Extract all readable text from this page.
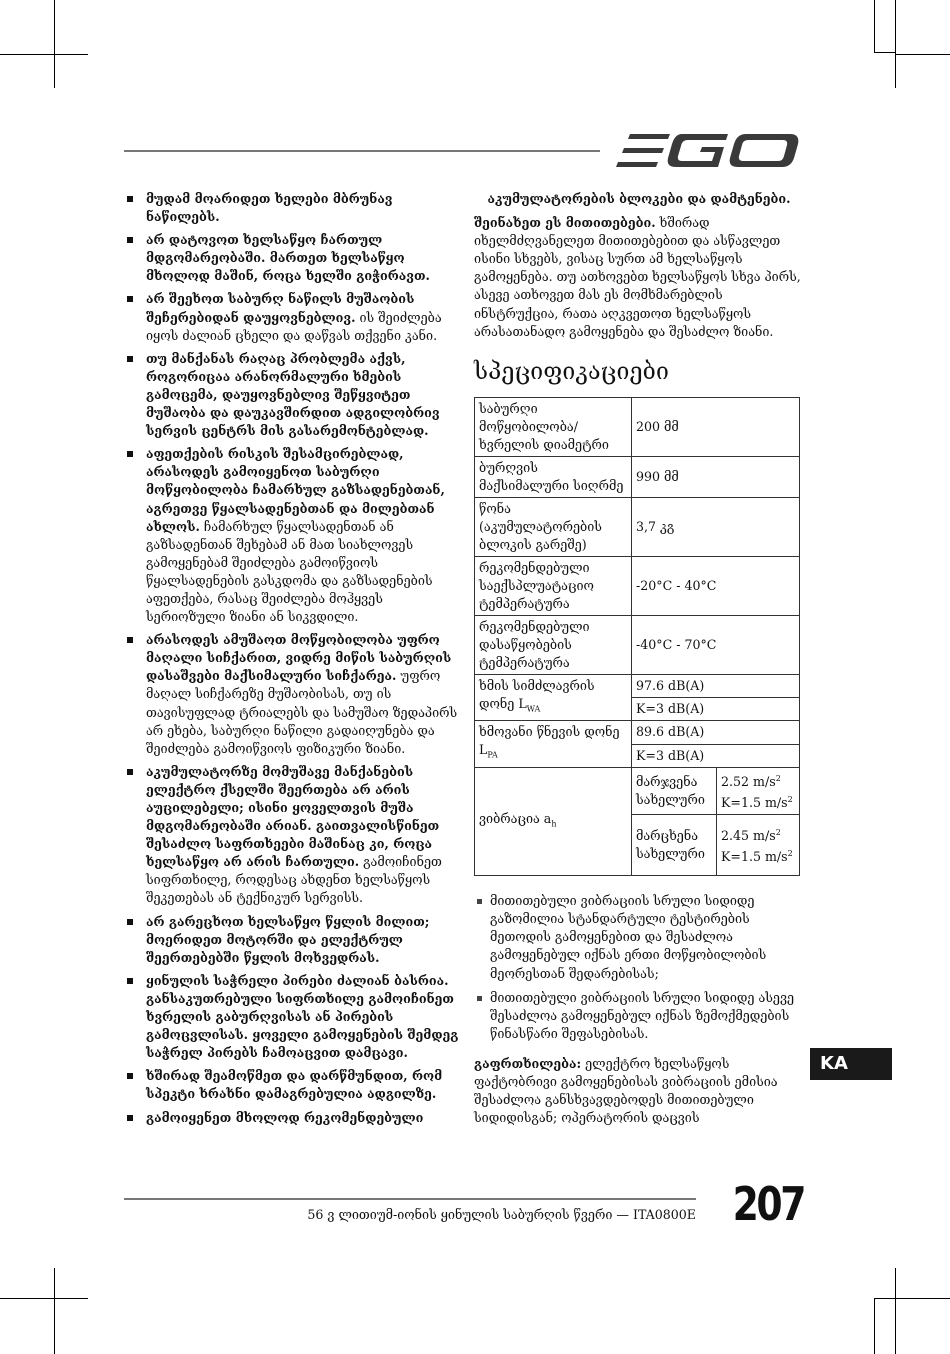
მუდამ მოარიდეთ ხელები მბრუნავ ნაწილებს.
არ დატოვოთ ხელსაწყო ჩართულ მდგომარეობაში. მართეთ ხელსაწყო მხოლოდ მაშინ, როცა ხელში გიჭირავთ.
არ შეეხოთ საბურღ ნაწილს მუშაობის შეჩერებიდან დაუყოვნებლივ. ის შეიძლება იყოს ძალიან ცხელი და დაწვას თქვენი კანი.
თუ მანქანას რაღაც პრობლემა აქვს, როგორიცაა არანორმალური ხმების გამოცემა, დაუყოვნებლივ შეწყვიტეთ მუშაობა და დაუკავშირდით ადგილობრივ სერვის ცენტრს მის გასარემონტებლად.
აფეთქების რისკის შესამცირებლად, არასოდეს გამოიყენოთ საბურღი მოწყობილობა ჩამარხულ გაზსადენებთან, აგრეთვე წყალსადენებთან და მილებთან ახლოს. ჩამარხულ წყალსადენთან ან გაზსადენთან შეხებამ ან მათ სიახლოვეს გამოყენებამ შეიძლება გამოიწვიოს წყალსადენების გასკდომა და გაზსადენების აფეთქება, რასაც შეიძლება მოჰყვეს სერიოზული ზიანი ან სიკვდილი.
არასოდეს ამუშაოთ მოწყობილობა უფრო მაღალი სიჩქარით, ვიდრე მიწის საბურღის დასაშვები მაქსიმალური სიჩქარეა. უფრო მაღალ სიჩქარეზე მუშაობისას, თუ ის თავისუფლად ტრიალებს და სამუშაო ზედაპირს არ ეხება, საბურღი ნაწილი გადაიღუნება და შეიძლება გამოიწვიოს ფიზიკური ზიანი.
აკუმულატორზე მომუშავე მანქანების ელექტრო ქსელში შეერთება არ არის აუცილებელი; ისინი ყოველთვის მუშა მდგომარეობაში არიან. გაითვალისწინეთ შესაძლო საფრთხეები მაშინაც კი, როცა ხელსაწყო არ არის ჩართული. გამოიჩინეთ სიფრთხილე, როდესაც ახდენთ ხელსაწყოს შეკეთებას ან ტექნიკურ სერვისს.
არ გარეცხოთ ხელსაწყო წყლის მილით; მოერიდეთ მოტორში და ელექტრულ შეერთებებში წყლის მოხვედრას.
ყინულის საჭრელი პირები ძალიან ბასრია. განსაკუთრებული სიფრთხილე გამოიჩინეთ ხვრელის გაბურღვისას ან პირების გამოცვლისას. ყოველი გამოყენების შემდეგ საჭრელ პირებს ჩამოაცვით დამცავი.
ხშირად შეამოწმეთ და დარწმუნდით, რომ სპეკტი ხრახნი დამაგრებულია ადგილზე.
გამოიყენეთ მხოლოდ რეკომენდებული

აკუმულატორების ბლოკები და დამტენები.

შეინახეთ ეს მითითებები. ხშირად იხელმძღვანელეთ მითითებებით და ასწავლეთ ისინი სხვებს, ვისაც სურთ ამ ხელსაწყოს გამოყენება. თუ ათხოვებთ ხელსაწყოს სხვა პირს, ასევე ათხოვეთ მას ეს მომხმარებლის ინსტრუქცია, რათა აღკვეთოთ ხელსაწყოს არასათანადო გამოყენება და შესაძლო ზიანი.

სპეციფიკაციები
საბურღი მოწყობილობა/ ხვრელის დიამეტრი	200 მმ	
ბურღვის მაქსიმალური სიღრმე	990 მმ	
წონა (აკუმულატორების ბლოკის გარეშე)	3,7 კგ	
რეკომენდებული საექსპლუატაციო ტემპერატურა	-20°C - 40°C	
რეკომენდებული დასაწყობების ტემპერატურა	-40°C - 70°C	
ხმის სიმძლავრის დონე $L_{WA}$	97.6 dB(A)	
	K=3 dB(A)	
ხმოვანი წნევის დონე $L_{PA}$	89.6 dB(A)	
	K=3 dB(A)	
ვიბრაცია $a_h$	მარჯვენა სახელური	2.52 $m/s^2$
K=1.5 $m/s^2$
	მარცხენა სახელური	2.45 $m/s^2$
K=1.5 $m/s^2$
მითითებული ვიბრაციის სრული სიდიდე გაზომილია სტანდარტული ტესტირების მეთოდის გამოყენებით და შესაძლოა გამოყენებულ იქნას ერთი მოწყობილობის მეორესთან შედარებისას;
მითითებული ვიბრაციის სრული სიდიდე ასევე შესაძლოა გამოყენებულ იქნას ზემოქმედების წინასწარი შეფასებისას.

გაფრთხილება: ელექტრო ხელსაწყოს ფაქტობრივი გამოყენებისას ვიბრაციის ემისია შესაძლოა განსხვავდებოდეს მითითებული სიდიდისგან; ოპერატორის დაცვის

KA
56 ვ ლითიუმ-იონის ყინულის საბურღის წვერი — ITA0800E 207
